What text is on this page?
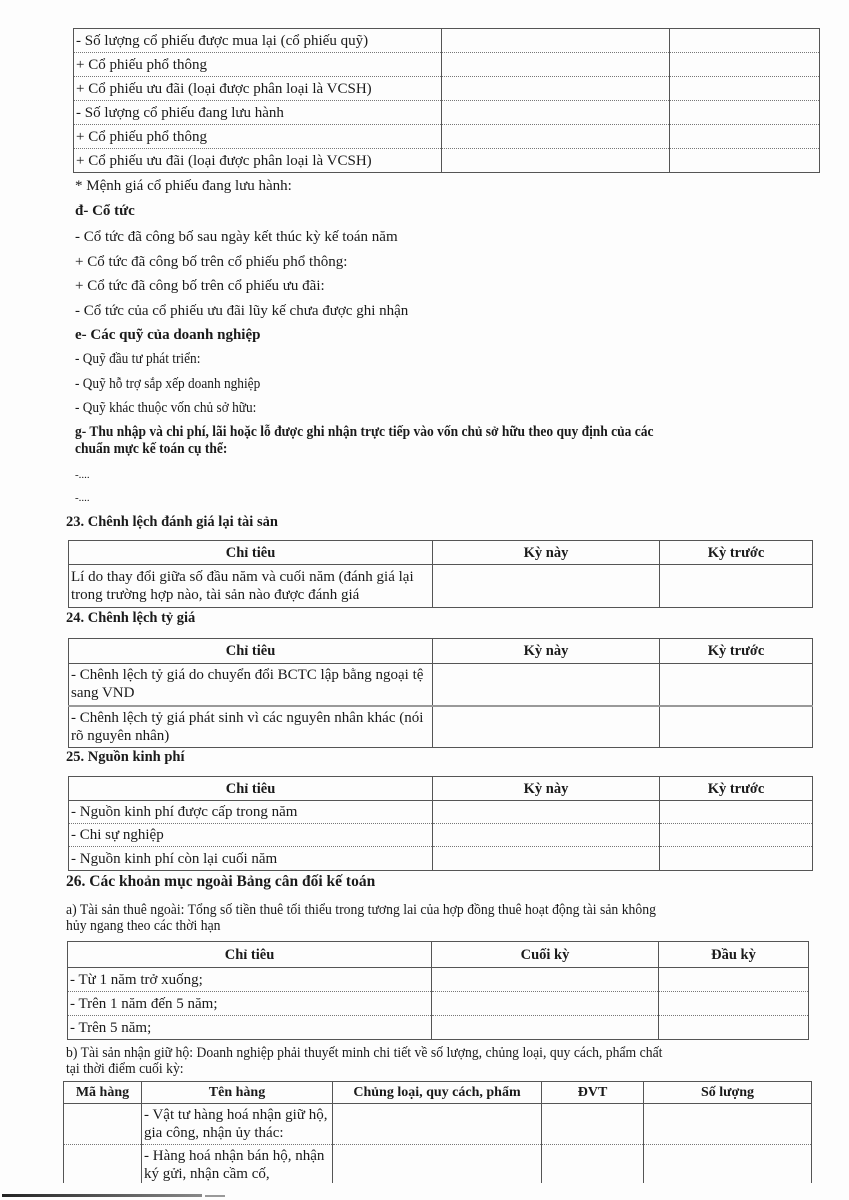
- Số lượng cổ phiếu được mua lại (cổ phiếu quỹ)		
+ Cổ phiếu phổ thông		
+ Cổ phiếu ưu đãi (loại được phân loại là VCSH)		
- Số lượng cổ phiếu đang lưu hành		
+ Cổ phiếu phổ thông		
+ Cổ phiếu ưu đãi (loại được phân loại là VCSH)		
* Mệnh giá cổ phiếu đang lưu hành:
đ- Cổ tức
- Cổ tức đã công bố sau ngày kết thúc kỳ kế toán năm
+ Cổ tức đã công bố trên cổ phiếu phổ thông:
+ Cổ tức đã công bố trên cổ phiếu ưu đãi:
- Cổ tức của cổ phiếu ưu đãi lũy kế chưa được ghi nhận
e- Các quỹ của doanh nghiệp
- Quỹ đầu tư phát triển:
- Quỹ hỗ trợ sắp xếp doanh nghiệp
- Quỹ khác thuộc vốn chủ sở hữu:
g- Thu nhập và chi phí, lãi hoặc lỗ được ghi nhận trực tiếp vào vốn chủ sở hữu theo quy định của các
chuẩn mực kế toán cụ thể:
-....
-....
23. Chênh lệch đánh giá lại tài sản
Chỉ tiêu	Kỳ này	Kỳ trước
Lí do thay đổi giữa số đầu năm và cuối năm (đánh giá lại trong trường hợp nào, tài sản nào được đánh giá		
24. Chênh lệch tỷ giá
Chỉ tiêu	Kỳ này	Kỳ trước
- Chênh lệch tỷ giá do chuyển đổi BCTC lập bằng ngoại tệ sang VND		
- Chênh lệch tỷ giá phát sinh vì các nguyên nhân khác (nói rõ nguyên nhân)		
25. Nguồn kinh phí
Chỉ tiêu	Kỳ này	Kỳ trước
- Nguồn kinh phí được cấp trong năm		
- Chi sự nghiệp		
- Nguồn kinh phí còn lại cuối năm		
26. Các khoản mục ngoài Bảng cân đối kế toán
a) Tài sản thuê ngoài: Tổng số tiền thuê tối thiểu trong tương lai của hợp đồng thuê hoạt động tài sản không
hủy ngang theo các thời hạn
Chỉ tiêu	Cuối kỳ	Đầu kỳ
- Từ 1 năm trở xuống;		
- Trên 1 năm đến 5 năm;		
- Trên 5 năm;		
b) Tài sản nhận giữ hộ: Doanh nghiệp phải thuyết minh chi tiết về số lượng, chủng loại, quy cách, phẩm chất
tại thời điểm cuối kỳ:
Mã hàng	Tên hàng	Chủng loại, quy cách, phẩm	ĐVT	Số lượng
	- Vật tư hàng hoá nhận giữ hộ, gia công, nhận ủy thác:			
	- Hàng hoá nhận bán hộ, nhận ký gửi, nhận cầm cố,			
